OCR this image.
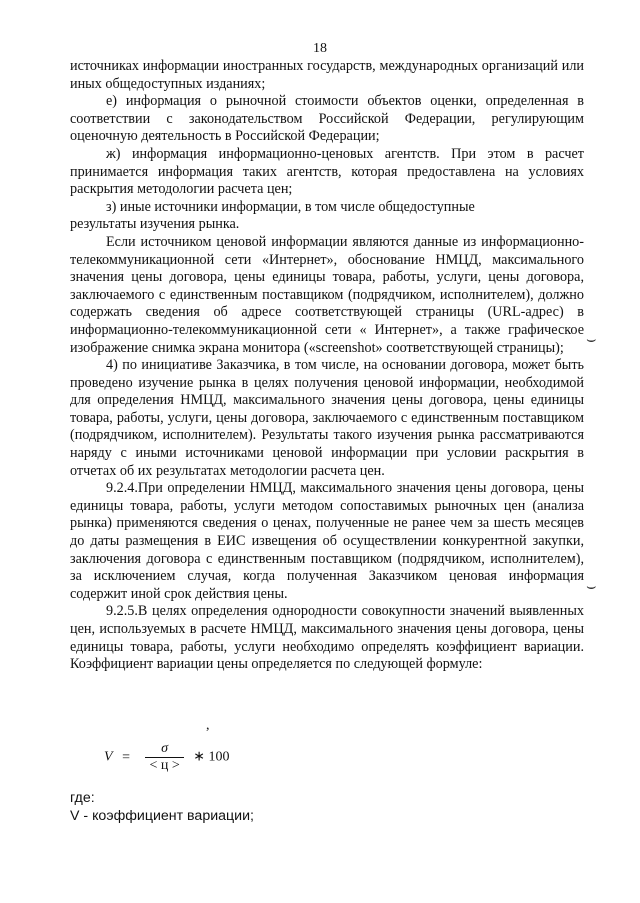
18

источниках информации иностранных государств, международных организаций или иных общедоступных изданиях;

е) информация о рыночной стоимости объектов оценки, определенная в соответствии с законодательством Российской Федерации, регулирующим оценочную деятельность в Российской Федерации;

ж) информация информационно-ценовых агентств. При этом в расчет принимается информация таких агентств, которая предоставлена на условиях раскрытия методологии расчета цен;

з) иные источники информации, в том числе общедоступные

результаты изучения рынка.

Если источником ценовой информации являются данные из информационно-телекоммуникационной сети «Интернет», обоснование НМЦД, максимального значения цены договора, цены единицы товара, работы, услуги, цены договора, заключаемого с единственным поставщиком (подрядчиком, исполнителем), должно содержать сведения об адресе соответствующей страницы (URL-адрес) в информационно-телекоммуникационной сети « Интернет», а также графическое изображение снимка экрана монитора («screenshot» соответствующей страницы);

4) по инициативе Заказчика, в том числе, на основании договора, может быть проведено изучение рынка в целях получения ценовой информации, необходимой для определения НМЦД, максимального значения цены договора, цены единицы товара, работы, услуги, цены договора, заключаемого с единственным поставщиком (подрядчиком, исполнителем). Результаты такого изучения рынка рассматриваются наряду с иными источниками ценовой информации при условии раскрытия в отчетах об их результатах методологии расчета цен.

9.2.4.При определении НМЦД, максимального значения цены договора, цены единицы товара, работы, услуги методом сопоставимых рыночных цен (анализа рынка) применяются сведения о ценах, полученные не ранее чем за шесть месяцев до даты размещения в ЕИС извещения об осуществлении конкурентной закупки, заключения договора с единственным поставщиком (подрядчиком, исполнителем), за исключением случая, когда полученная Заказчиком ценовая информация содержит иной срок действия цены.

9.2.5.В целях определения однородности совокупности значений выявленных цен, используемых в расчете НМЦД, максимального значения цены договора, цены единицы товара, работы, услуги необходимо определять коэффициент вариации. Коэффициент вариации цены определяется по следующей формуле:

,
$V = \frac{\sigma}{< ц >}$ ∗ 100
где:
V - коэффициент вариации;
⌣
⌣
